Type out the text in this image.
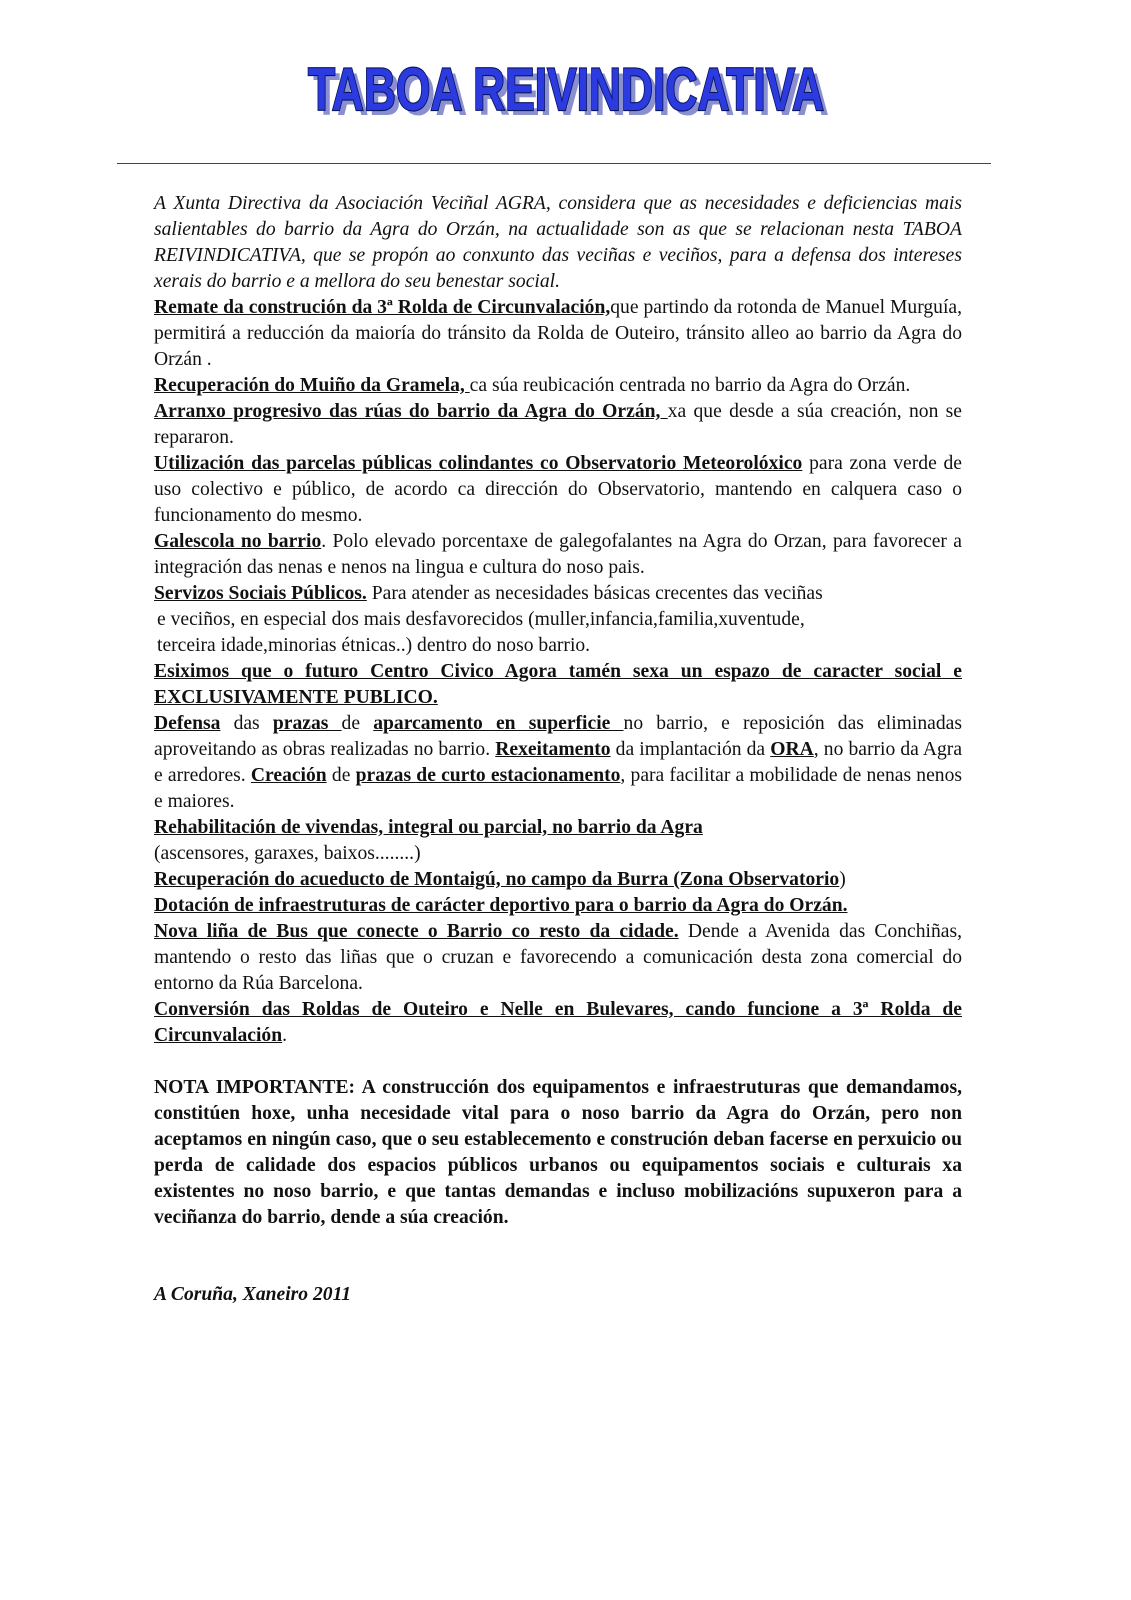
TABOA REIVINDICATIVA
TABOA REIVINDICATIVA

A Xunta Directiva da Asociación Veciñal AGRA, considera que as necesidades e deficiencias mais salientables do barrio da Agra do Orzán, na actualidade son as que se relacionan nesta TABOA REIVINDICATIVA, que se propón ao conxunto das veciñas e veciños, para a defensa dos intereses xerais do barrio e a mellora do seu benestar social.

Remate da construción da 3ª Rolda de Circunvalación,que partindo da rotonda de Manuel Murguía, permitirá a reducción da maioría do tránsito da Rolda de Outeiro, tránsito alleo ao barrio da Agra do Orzán .

Recuperación do Muiño da Gramela, ca súa reubicación centrada no barrio da Agra do Orzán.

Arranxo progresivo das rúas do barrio da Agra do Orzán, xa que desde a súa creación, non se repararon.

Utilización das parcelas públicas colindantes co Observatorio Meteorolóxico para zona verde de uso colectivo e público, de acordo ca dirección do Observatorio, mantendo en calquera caso o funcionamento do mesmo.

Galescola no barrio. Polo elevado porcentaxe de galegofalantes na Agra do Orzan, para favorecer a integración das nenas e nenos na lingua e cultura do noso pais.

Servizos Sociais Públicos. Para atender as necesidades básicas crecentes das veciñas
e veciños, en especial dos mais desfavorecidos (muller,infancia,familia,xuventude,
terceira idade,minorias étnicas..) dentro do noso barrio.

Esiximos que o futuro Centro Civico Agora tamén sexa un espazo de caracter social e EXCLUSIVAMENTE PUBLICO.

Defensa das prazas de aparcamento en superficie no barrio, e reposición das eliminadas aproveitando as obras realizadas no barrio. Rexeitamento da implantación da ORA, no barrio da Agra e arredores. Creación de prazas de curto estacionamento, para facilitar a mobilidade de nenas nenos e maiores.

Rehabilitación de vivendas, integral ou parcial, no barrio da Agra
(ascensores, garaxes, baixos........)

Recuperación do acueducto de Montaigú, no campo da Burra (Zona Observatorio)

Dotación de infraestruturas de carácter deportivo para o barrio da Agra do Orzán.

Nova liña de Bus que conecte o Barrio co resto da cidade. Dende a Avenida das Conchiñas, mantendo o resto das liñas que o cruzan e favorecendo a comunicación desta zona comercial do entorno da Rúa Barcelona.

Conversión das Roldas de Outeiro e Nelle en Bulevares, cando funcione a 3ª Rolda de Circunvalación.

NOTA IMPORTANTE: A construcción dos equipamentos e infraestruturas que demandamos, constitúen hoxe, unha necesidade vital para o noso barrio da Agra do Orzán, pero non aceptamos en ningún caso, que o seu establecemento e construción deban facerse en perxuicio ou perda de calidade dos espacios públicos urbanos ou equipamentos sociais e culturais xa existentes no noso barrio, e que tantas demandas e incluso mobilizacións supuxeron para a veciñanza do barrio, dende a súa creación.

A Coruña, Xaneiro 2011
